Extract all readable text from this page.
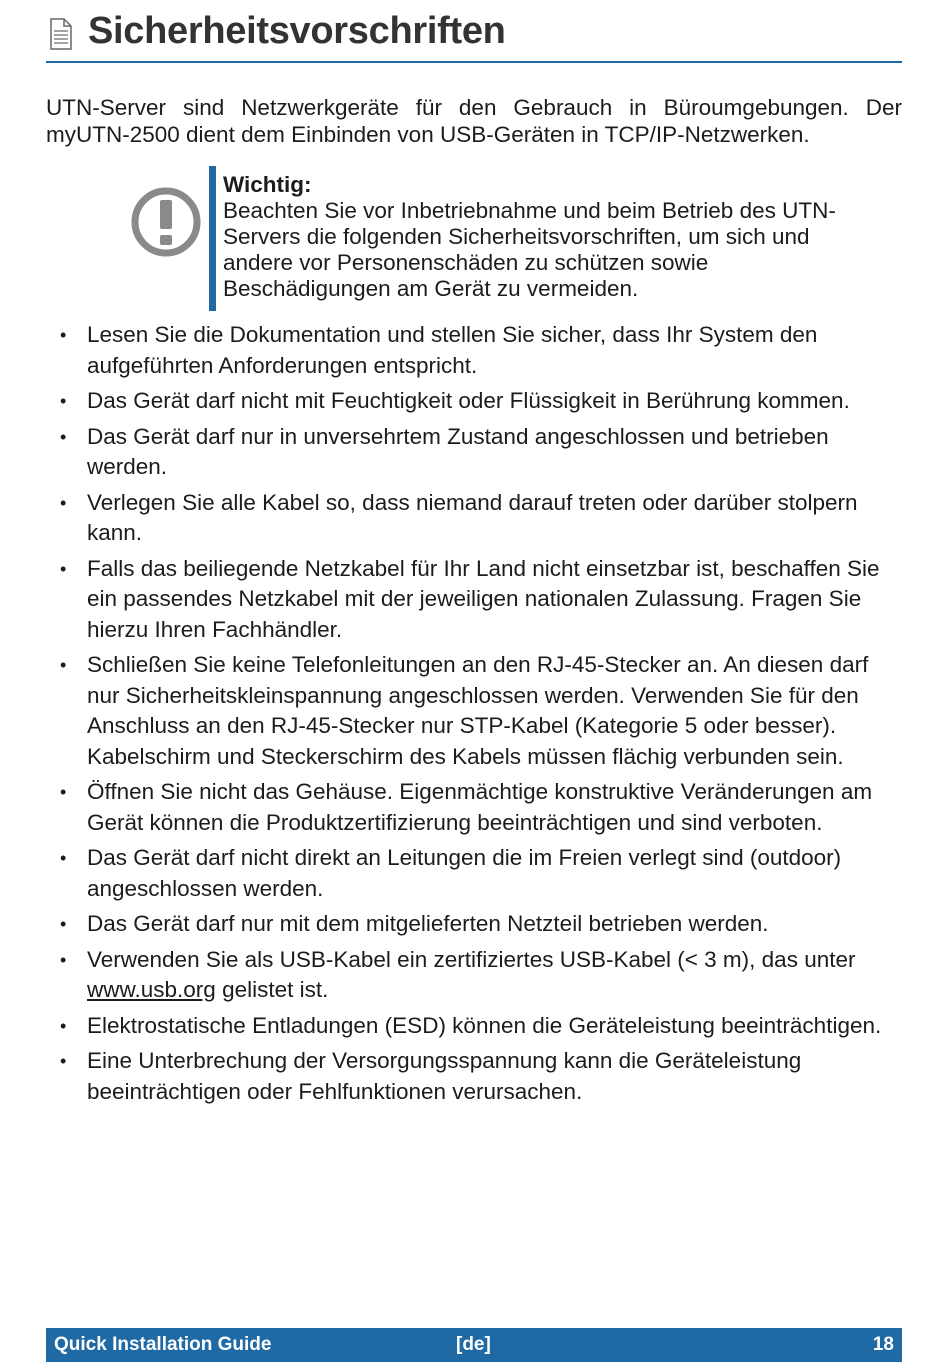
Sicherheitsvorschriften

UTN-Server sind Netzwerkgeräte für den Gebrauch in Büroumgebungen. Der myUTN-2500 dient dem Einbinden von USB-Geräten in TCP/IP-Netzwerken.

Wichtig:
Beachten Sie vor Inbetriebnahme und beim Betrieb des UTN-Servers die folgenden Sicherheitsvorschriften, um sich und andere vor Personenschäden zu schützen sowie Beschädigungen am Gerät zu vermeiden.
• Lesen Sie die Dokumentation und stellen Sie sicher, dass Ihr System den aufgeführten Anforderungen entspricht.
• Das Gerät darf nicht mit Feuchtigkeit oder Flüssigkeit in Berührung kommen.
• Das Gerät darf nur in unversehrtem Zustand angeschlossen und betrieben werden.
• Verlegen Sie alle Kabel so, dass niemand darauf treten oder darüber stolpern kann.
• Falls das beiliegende Netzkabel für Ihr Land nicht einsetzbar ist, beschaffen Sie ein passendes Netzkabel mit der jeweiligen nationalen Zulassung. Fragen Sie hierzu Ihren Fachhändler.
• Schließen Sie keine Telefonleitungen an den RJ-45-Stecker an. An diesen darf nur Sicherheitskleinspannung angeschlossen werden. Verwenden Sie für den Anschluss an den RJ-45-Stecker nur STP-Kabel (Kategorie 5 oder besser). Kabelschirm und Steckerschirm des Kabels müssen flächig verbunden sein.
• Öffnen Sie nicht das Gehäuse. Eigenmächtige konstruktive Veränderungen am Gerät können die Produktzertifizierung beeinträchtigen und sind verboten.
• Das Gerät darf nicht direkt an Leitungen die im Freien verlegt sind (outdoor) angeschlossen werden.
• Das Gerät darf nur mit dem mitgelieferten Netzteil betrieben werden.
• Verwenden Sie als USB-Kabel ein zertifiziertes USB-Kabel (< 3 m), das unter www.usb.org gelistet ist.
• Elektrostatische Entladungen (ESD) können die Geräteleistung beeinträchtigen.
• Eine Unterbrechung der Versorgungsspannung kann die Geräteleistung beeinträchtigen oder Fehlfunktionen verursachen.
Quick Installation Guide	[de]	18
